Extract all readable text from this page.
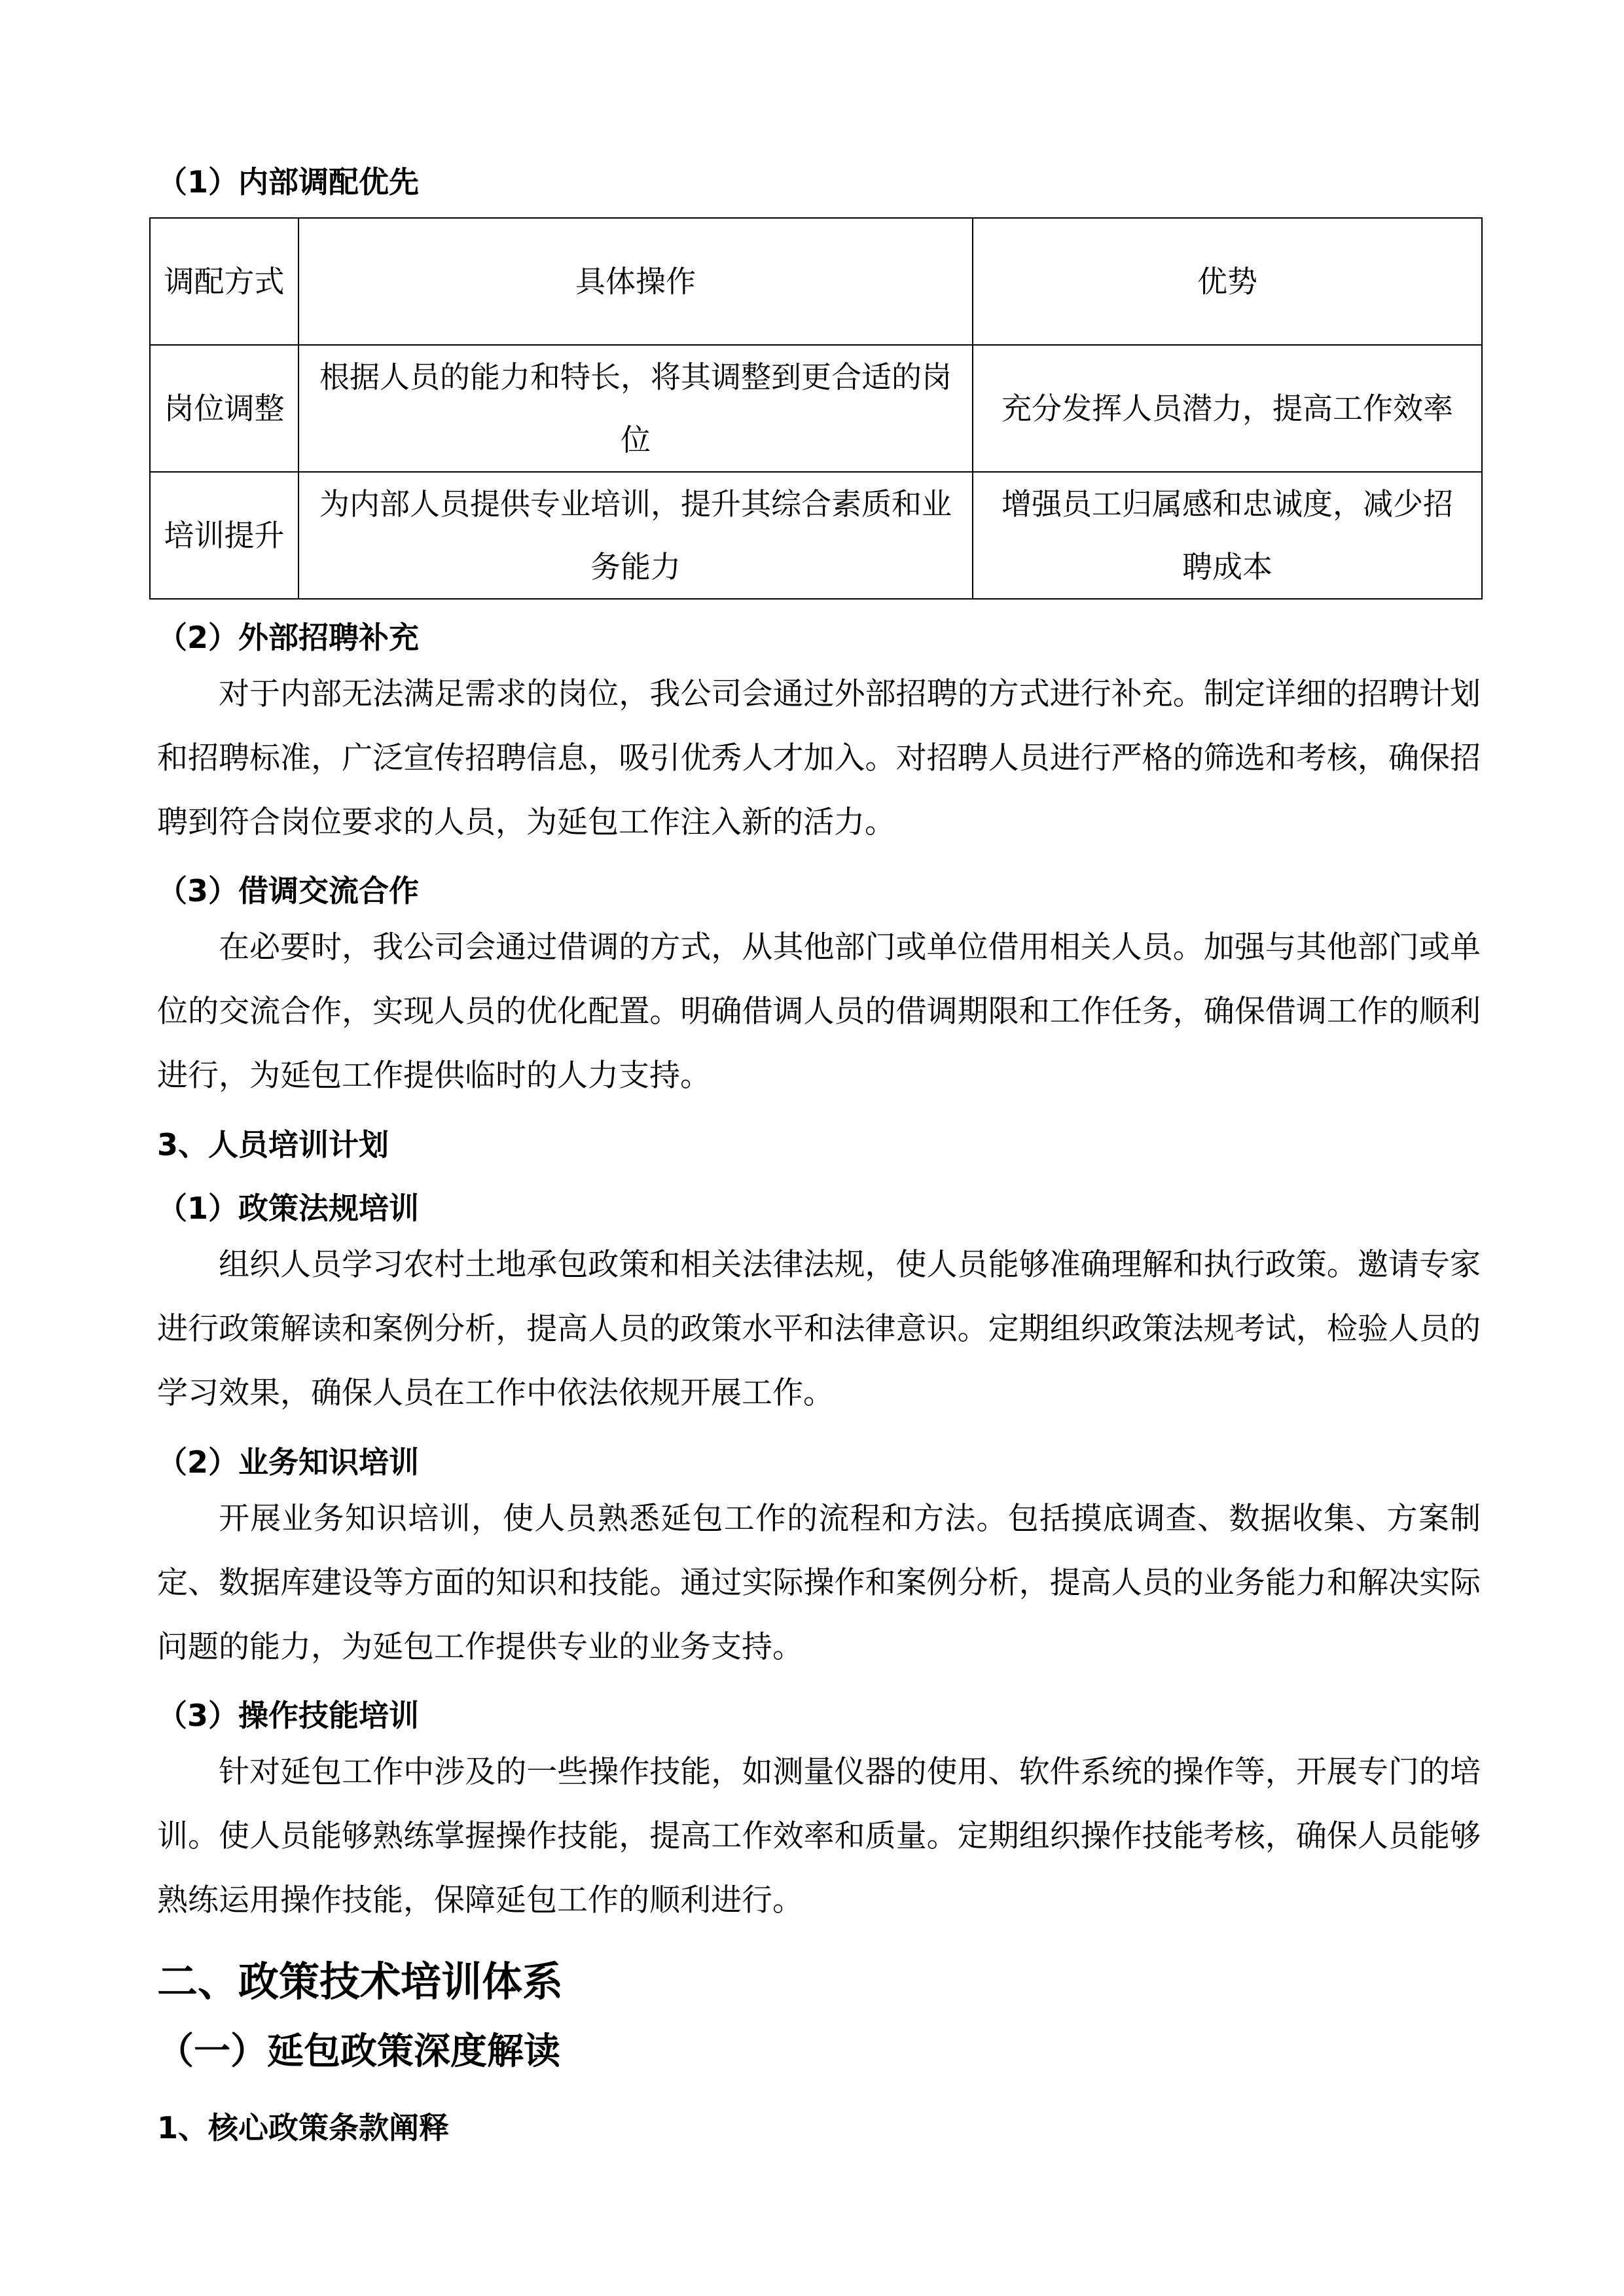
（1）内部调配优先
调配方式	具体操作	优势
岗位调整	根据人员的能力和特长，将其调整到更合适的岗位	充分发挥人员潜力，提高工作效率
培训提升	为内部人员提供专业培训，提升其综合素质和业务能力	增强员工归属感和忠诚度，减少招聘成本
（2）外部招聘补充
对于内部无法满足需求的岗位，我公司会通过外部招聘的方式进行补充。制定详细的招聘计划和招聘标准，广泛宣传招聘信息，吸引优秀人才加入。对招聘人员进行严格的筛选和考核，确保招聘到符合岗位要求的人员，为延包工作注入新的活力。
（3）借调交流合作
在必要时，我公司会通过借调的方式，从其他部门或单位借用相关人员。加强与其他部门或单位的交流合作，实现人员的优化配置。明确借调人员的借调期限和工作任务，确保借调工作的顺利进行，为延包工作提供临时的人力支持。
3、人员培训计划
（1）政策法规培训
组织人员学习农村土地承包政策和相关法律法规，使人员能够准确理解和执行政策。邀请专家进行政策解读和案例分析，提高人员的政策水平和法律意识。定期组织政策法规考试，检验人员的学习效果，确保人员在工作中依法依规开展工作。
（2）业务知识培训
开展业务知识培训，使人员熟悉延包工作的流程和方法。包括摸底调查、数据收集、方案制定、数据库建设等方面的知识和技能。通过实际操作和案例分析，提高人员的业务能力和解决实际问题的能力，为延包工作提供专业的业务支持。
（3）操作技能培训
针对延包工作中涉及的一些操作技能，如测量仪器的使用、软件系统的操作等，开展专门的培训。使人员能够熟练掌握操作技能，提高工作效率和质量。定期组织操作技能考核，确保人员能够熟练运用操作技能，保障延包工作的顺利进行。
二、政策技术培训体系
（一）延包政策深度解读
1、核心政策条款阐释
